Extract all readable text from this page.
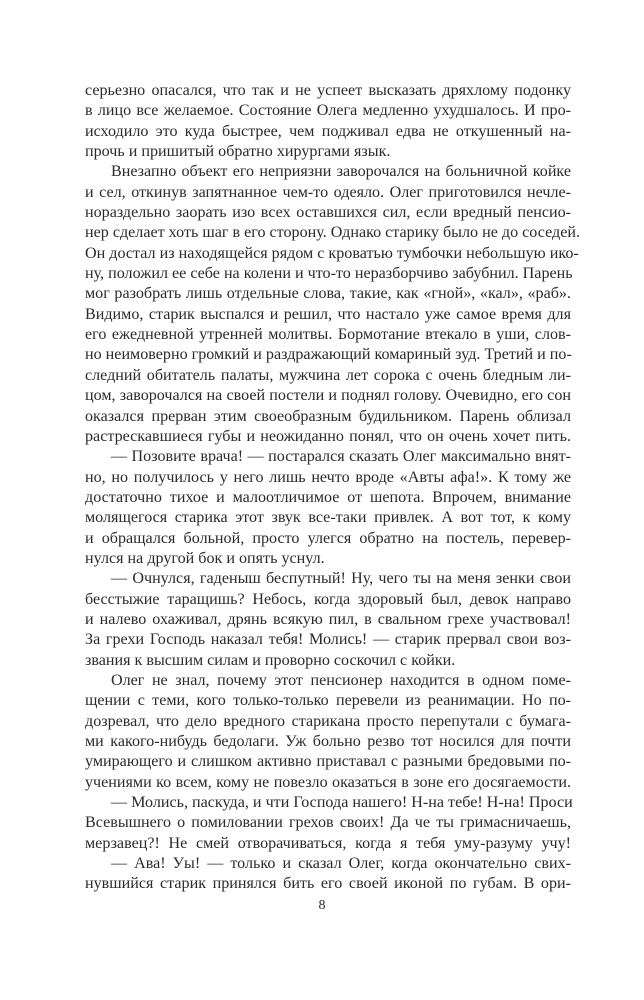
серьезно опасался, что так и не успеет высказать дряхлому подонку
в лицо все желаемое. Состояние Олега медленно ухудшалось. И про-
исходило это куда быстрее, чем подживал едва не откушенный на-
прочь и пришитый обратно хирургами язык.
Внезапно объект его неприязни заворочался на больничной койке
и сел, откинув запятнанное чем-то одеяло. Олег приготовился нечле-
нораздельно заорать изо всех оставшихся сил, если вредный пенсио-
нер сделает хоть шаг в его сторону. Однако старику было не до соседей.
Он достал из находящейся рядом с кроватью тумбочки небольшую ико-
ну, положил ее себе на колени и что-то неразборчиво забубнил. Парень
мог разобрать лишь отдельные слова, такие, как «гной», «кал», «раб».
Видимо, старик выспался и решил, что настало уже самое время для
его ежедневной утренней молитвы. Бормотание втекало в уши, слов-
но неимоверно громкий и раздражающий комариный зуд. Третий и по-
следний обитатель палаты, мужчина лет сорока с очень бледным ли-
цом, заворочался на своей постели и поднял голову. Очевидно, его сон
оказался прерван этим своеобразным будильником. Парень облизал
растрескавшиеся губы и неожиданно понял, что он очень хочет пить.
— Позовите врача! — постарался сказать Олег максимально внят-
но, но получилось у него лишь нечто вроде «Авты афа!». К тому же
достаточно тихое и малоотличимое от шепота. Впрочем, внимание
молящегося старика этот звук все-таки привлек. А вот тот, к кому
и обращался больной, просто улегся обратно на постель, перевер-
нулся на другой бок и опять уснул.
— Очнулся, гаденыш беспутный! Ну, чего ты на меня зенки свои
бесстыжие таращишь? Небось, когда здоровый был, девок направо
и налево охаживал, дрянь всякую пил, в свальном грехе участвовал!
За грехи Господь наказал тебя! Молись! — старик прервал свои воз-
звания к высшим силам и проворно соскочил с койки.
Олег не знал, почему этот пенсионер находится в одном поме-
щении с теми, кого только-только перевели из реанимации. Но по-
дозревал, что дело вредного старикана просто перепутали с бумага-
ми какого-нибудь бедолаги. Уж больно резво тот носился для почти
умирающего и слишком активно приставал с разными бредовыми по-
учениями ко всем, кому не повезло оказаться в зоне его досягаемости.
— Молись, паскуда, и чти Господа нашего! Н-на тебе! Н-на! Проси
Всевышнего о помиловании грехов своих! Да че ты гримасничаешь,
мерзавец?! Не смей отворачиваться, когда я тебя уму-разуму учу!
— Ава! Уы! — только и сказал Олег, когда окончательно свих-
нувшийся старик принялся бить его своей иконой по губам. В ори-
8
